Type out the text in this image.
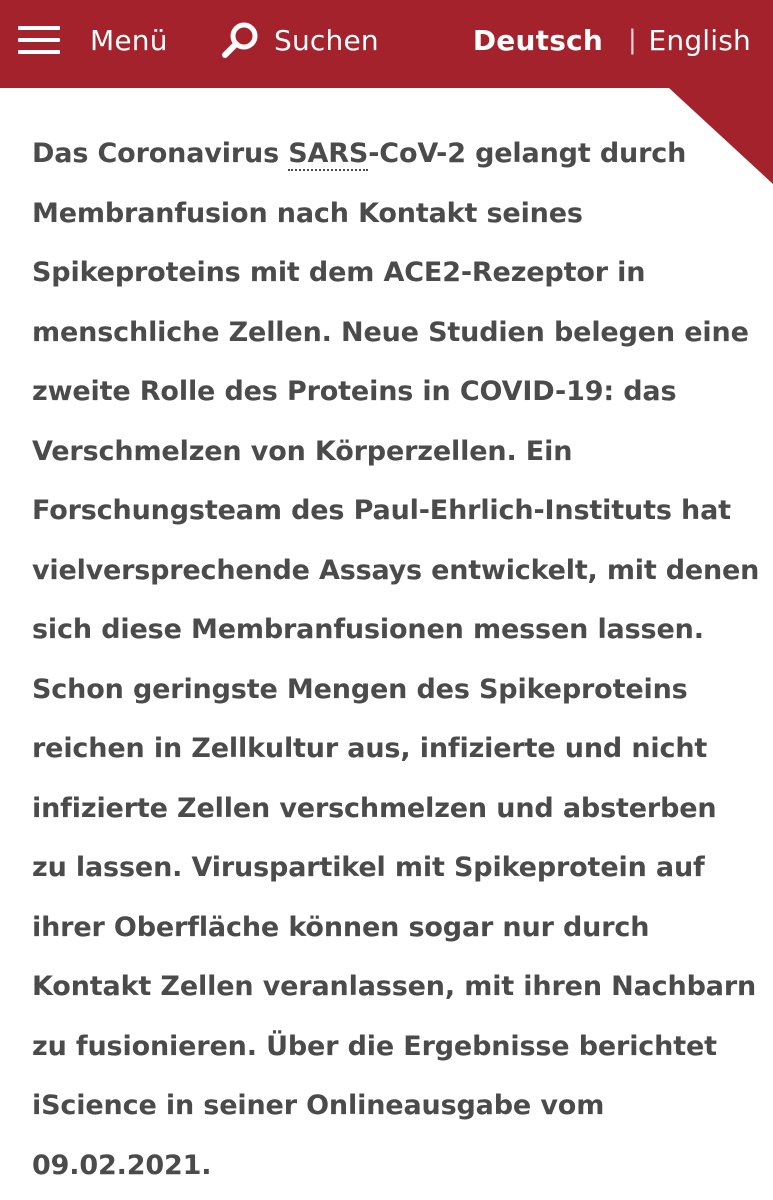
Menü	Suchen	Deutsch | English

Das Coronavirus SARS-CoV-2 gelangt durch
Membranfusion nach Kontakt seines
Spikeproteins mit dem ACE2-Rezeptor in
menschliche Zellen. Neue Studien belegen eine
zweite Rolle des Proteins in COVID-19: das
Verschmelzen von Körperzellen. Ein
Forschungsteam des Paul-Ehrlich-Instituts hat
vielversprechende Assays entwickelt, mit denen
sich diese Membranfusionen messen lassen.
Schon geringste Mengen des Spikeproteins
reichen in Zellkultur aus, infizierte und nicht
infizierte Zellen verschmelzen und absterben
zu lassen. Viruspartikel mit Spikeprotein auf
ihrer Oberfläche können sogar nur durch
Kontakt Zellen veranlassen, mit ihren Nachbarn
zu fusionieren. Über die Ergebnisse berichtet
iScience in seiner Onlineausgabe vom
09.02.2021.
